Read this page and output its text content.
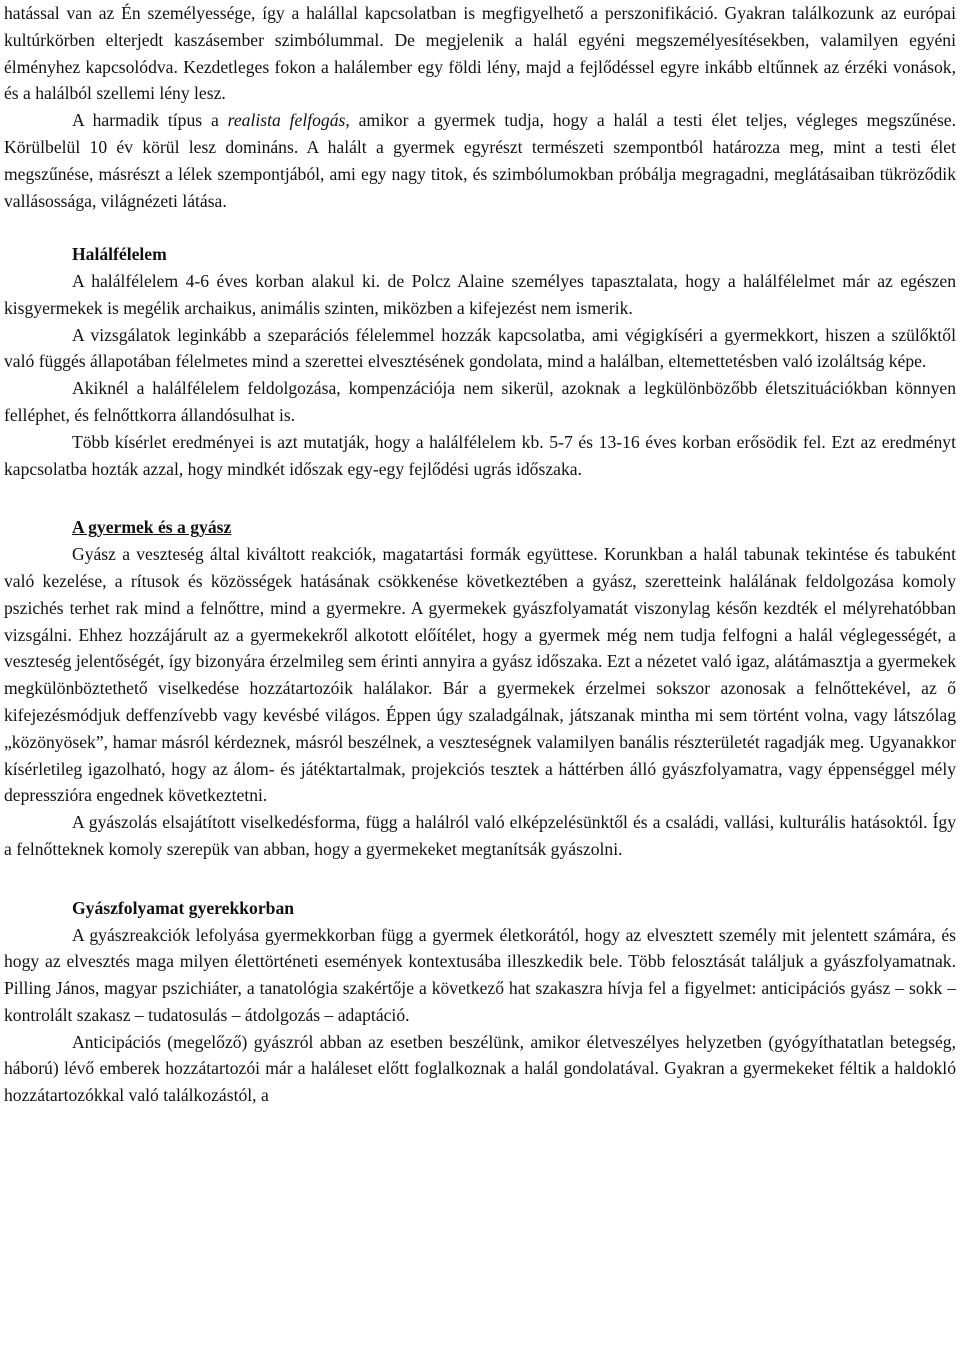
hatással van az Én személyessége, így a halállal kapcsolatban is megfigyelhető a perszonifikáció. Gyakran találkozunk az európai kultúrkörben elterjedt kaszásember szimbólummal. De megjelenik a halál egyéni megszemélyesítésekben, valamilyen egyéni élményhez kapcsolódva. Kezdetleges fokon a halálember egy földi lény, majd a fejlődéssel egyre inkább eltűnnek az érzéki vonások, és a halálból szellemi lény lesz.

A harmadik típus a realista felfogás, amikor a gyermek tudja, hogy a halál a testi élet teljes, végleges megszűnése. Körülbelül 10 év körül lesz domináns. A halált a gyermek egyrészt természeti szempontból határozza meg, mint a testi élet megszűnése, másrészt a lélek szempontjából, ami egy nagy titok, és szimbólumokban próbálja megragadni, meglátásaiban tükröződik vallásossága, világnézeti látása.

Halálfélelem

A halálfélelem 4-6 éves korban alakul ki. de Polcz Alaine személyes tapasztalata, hogy a halálfélelmet már az egészen kisgyermekek is megélik archaikus, animális szinten, miközben a kifejezést nem ismerik.

A vizsgálatok leginkább a szeparációs félelemmel hozzák kapcsolatba, ami végigkíséri a gyermekkort, hiszen a szülőktől való függés állapotában félelmetes mind a szerettei elvesztésének gondolata, mind a halálban, eltemettetésben való izoláltság képe.

Akiknél a halálfélelem feldolgozása, kompenzációja nem sikerül, azoknak a legkülönbözőbb életszituációkban könnyen felléphet, és felnőttkorra állandósulhat is.

Több kísérlet eredményei is azt mutatják, hogy a halálfélelem kb. 5-7 és 13-16 éves korban erősödik fel. Ezt az eredményt kapcsolatba hozták azzal, hogy mindkét időszak egy-egy fejlődési ugrás időszaka.

A gyermek és a gyász

Gyász a veszteség által kiváltott reakciók, magatartási formák együttese. Korunkban a halál tabunak tekintése és tabuként való kezelése, a rítusok és közösségek hatásának csökkenése következtében a gyász, szeretteink halálának feldolgozása komoly pszichés terhet rak mind a felnőttre, mind a gyermekre. A gyermekek gyászfolyamatát viszonylag későn kezdték el mélyrehatóbban vizsgálni. Ehhez hozzájárult az a gyermekekről alkotott előítélet, hogy a gyermek még nem tudja felfogni a halál véglegességét, a veszteség jelentőségét, így bizonyára érzelmileg sem érinti annyira a gyász időszaka. Ezt a nézetet való igaz, alátámasztja a gyermekek megkülönböztethető viselkedése hozzátartozóik halálakor. Bár a gyermekek érzelmei sokszor azonosak a felnőttekével, az ő kifejezésmódjuk deffenzívebb vagy kevésbé világos. Éppen úgy szaladgálnak, játszanak mintha mi sem történt volna, vagy látszólag „közönyösek”, hamar másról kérdeznek, másról beszélnek, a veszteségnek valamilyen banális részterületét ragadják meg. Ugyanakkor kísérletileg igazolható, hogy az álom- és játéktartalmak, projekciós tesztek a háttérben álló gyászfolyamatra, vagy éppenséggel mély depresszióra engednek következtetni.

A gyászolás elsajátított viselkedésforma, függ a halálról való elképzelésünktől és a családi, vallási, kulturális hatásoktól. Így a felnőtteknek komoly szerepük van abban, hogy a gyermekeket megtanítsák gyászolni.

Gyászfolyamat gyerekkorban

A gyászreakciók lefolyása gyermekkorban függ a gyermek életkorától, hogy az elvesztett személy mit jelentett számára, és hogy az elvesztés maga milyen élettörténeti események kontextusába illeszkedik bele. Több felosztását találjuk a gyászfolyamatnak. Pilling János, magyar pszichiáter, a tanatológia szakértője a következő hat szakaszra hívja fel a figyelmet: anticipációs gyász – sokk – kontrolált szakasz – tudatosulás – átdolgozás – adaptáció.

Anticipációs (megelőző) gyászról abban az esetben beszélünk, amikor életveszélyes helyzetben (gyógyíthatatlan betegség, háború) lévő emberek hozzátartozói már a haláleset előtt foglalkoznak a halál gondolatával. Gyakran a gyermekeket féltik a haldokló hozzátartozókkal való találkozástól, a
